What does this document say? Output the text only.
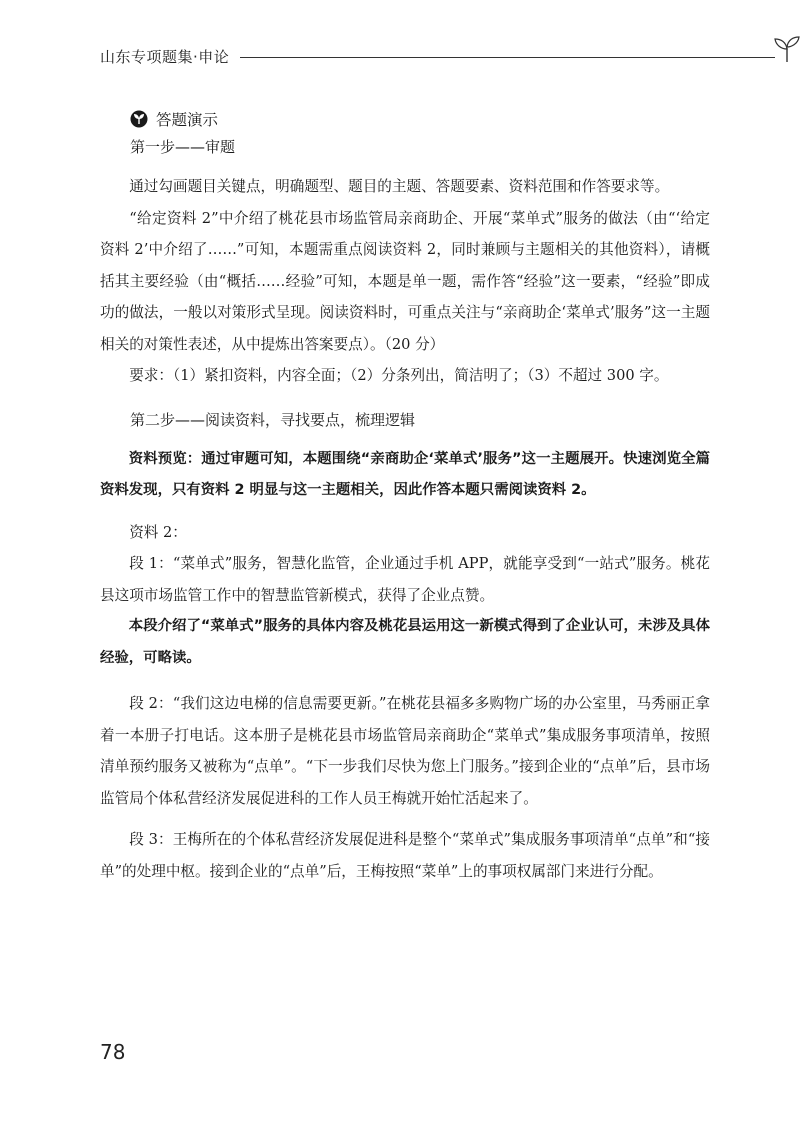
山东专项题集·申论
答题演示
第一步——审题

通过勾画题目关键点，明确题型、题目的主题、答题要素、资料范围和作答要求等。

“给定资料 2”中介绍了桃花县市场监管局亲商助企、开展“菜单式”服务的做法（由“‘给定资料 2’中介绍了……”可知，本题需重点阅读资料 2，同时兼顾与主题相关的其他资料），请概括其主要经验（由“概括……经验”可知，本题是单一题，需作答“经验”这一要素，“经验”即成功的做法，一般以对策形式呈现。阅读资料时，可重点关注与“亲商助企‘菜单式’服务”这一主题相关的对策性表述，从中提炼出答案要点）。（20 分）

要求：（1）紧扣资料，内容全面；（2）分条列出，简洁明了；（3）不超过 300 字。

第二步——阅读资料，寻找要点，梳理逻辑

资料预览：通过审题可知，本题围绕“亲商助企‘菜单式’服务”这一主题展开。快速浏览全篇资料发现，只有资料 2 明显与这一主题相关，因此作答本题只需阅读资料 2。

资料 2：

段 1：“菜单式”服务，智慧化监管，企业通过手机 APP，就能享受到“一站式”服务。桃花县这项市场监管工作中的智慧监管新模式，获得了企业点赞。

本段介绍了“菜单式”服务的具体内容及桃花县运用这一新模式得到了企业认可，未涉及具体经验，可略读。

段 2：“我们这边电梯的信息需要更新。”在桃花县福多多购物广场的办公室里，马秀丽正拿着一本册子打电话。这本册子是桃花县市场监管局亲商助企“菜单式”集成服务事项清单，按照清单预约服务又被称为“点单”。“下一步我们尽快为您上门服务。”接到企业的“点单”后，县市场监管局个体私营经济发展促进科的工作人员王梅就开始忙活起来了。

段 3：王梅所在的个体私营经济发展促进科是整个“菜单式”集成服务事项清单“点单”和“接单”的处理中枢。接到企业的“点单”后，王梅按照“菜单”上的事项权属部门来进行分配。

78
